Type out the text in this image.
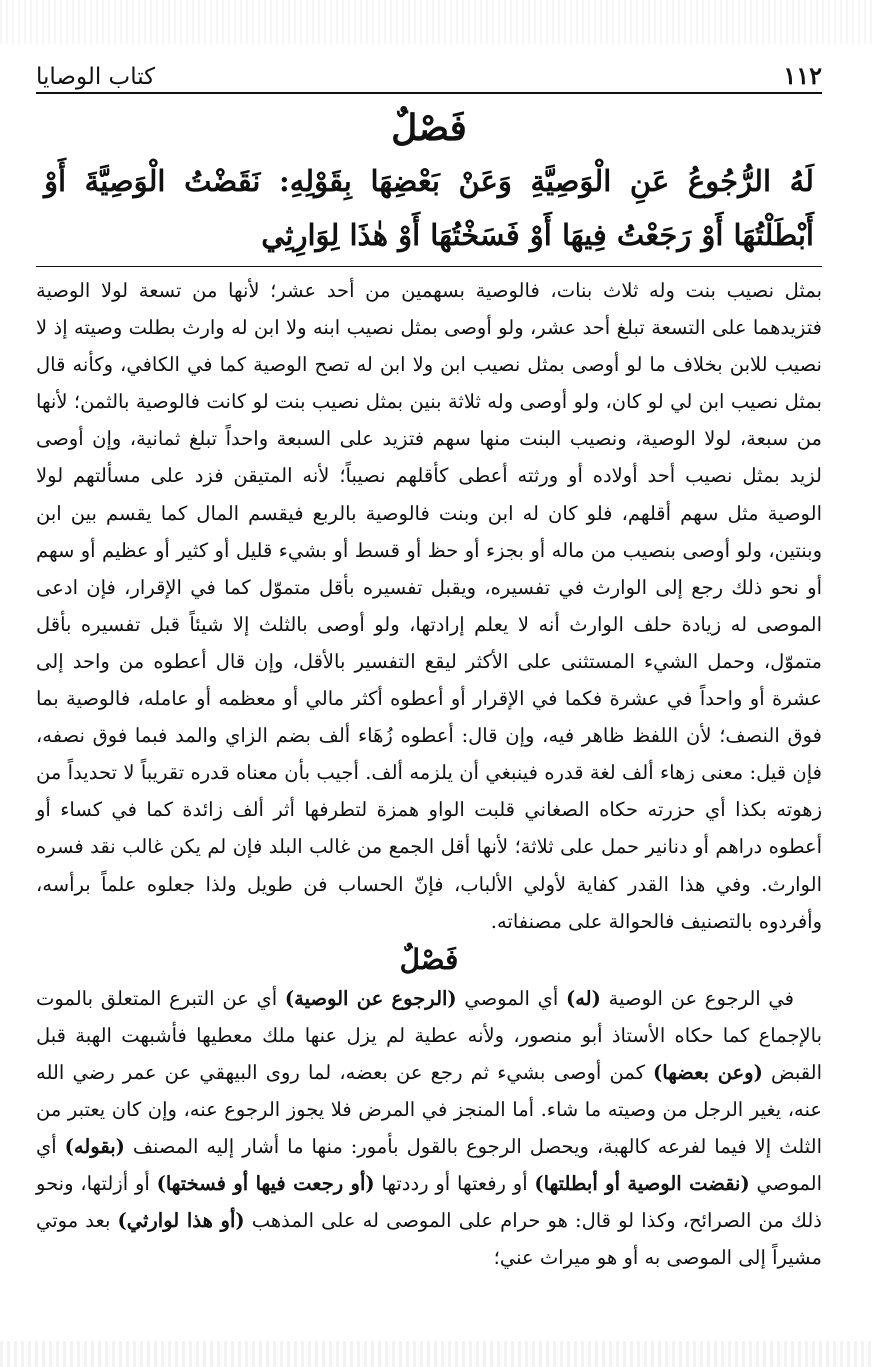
١١٢
كتاب الوصايا

فَصْلٌ

لَهُ الرُّجُوعُ عَنِ الْوَصِيَّةِ وَعَنْ بَعْضِهَا بِقَوْلِهِ: نَقَضْتُ الْوَصِيَّةَ أَوْ أَبْطَلْتُهَا أَوْ رَجَعْتُ فِيهَا أَوْ فَسَخْتُهَا أَوْ هٰذَا لِوَارِثِي

بمثل نصيب بنت وله ثلاث بنات، فالوصية بسهمين من أحد عشر؛ لأنها من تسعة لولا الوصية فتزيدهما على التسعة تبلغ أحد عشر، ولو أوصى بمثل نصيب ابنه ولا ابن له وارث بطلت وصيته إذ لا نصيب للابن بخلاف ما لو أوصى بمثل نصيب ابن ولا ابن له تصح الوصية كما في الكافي، وكأنه قال بمثل نصيب ابن لي لو كان، ولو أوصى وله ثلاثة بنين بمثل نصيب بنت لو كانت فالوصية بالثمن؛ لأنها من سبعة، لولا الوصية، ونصيب البنت منها سهم فتزيد على السبعة واحداً تبلغ ثمانية، وإن أوصى لزيد بمثل نصيب أحد أولاده أو ورثته أعطى كأقلهم نصيباً؛ لأنه المتيقن فزد على مسألتهم لولا الوصية مثل سهم أقلهم، فلو كان له ابن وبنت فالوصية بالربع فيقسم المال كما يقسم بين ابن وبنتين، ولو أوصى بنصيب من ماله أو بجزء أو حظ أو قسط أو بشيء قليل أو كثير أو عظيم أو سهم أو نحو ذلك رجع إلى الوارث في تفسيره، ويقبل تفسيره بأقل متموّل كما في الإقرار، فإن ادعى الموصى له زيادة حلف الوارث أنه لا يعلم إرادتها، ولو أوصى بالثلث إلا شيئاً قبل تفسيره بأقل متموّل، وحمل الشيء المستثنى على الأكثر ليقع التفسير بالأقل، وإن قال أعطوه من واحد إلى عشرة أو واحداً في عشرة فكما في الإقرار أو أعطوه أكثر مالي أو معظمه أو عامله، فالوصية بما فوق النصف؛ لأن اللفظ ظاهر فيه، وإن قال: أعطوه زُهَاء ألف بضم الزاي والمد فبما فوق نصفه، فإن قيل: معنى زهاء ألف لغة قدره فينبغي أن يلزمه ألف. أجيب بأن معناه قدره تقريباً لا تحديداً من زهوته بكذا أي حزرته حكاه الصغاني قلبت الواو همزة لتطرفها أثر ألف زائدة كما في كساء أو أعطوه دراهم أو دنانير حمل على ثلاثة؛ لأنها أقل الجمع من غالب البلد فإن لم يكن غالب نقد فسره الوارث. وفي هذا القدر كفاية لأولي الألباب، فإنّ الحساب فن طويل ولذا جعلوه علماً برأسه، وأفردوه بالتصنيف فالحوالة على مصنفاته.

فَصْلٌ

في الرجوع عن الوصية (له) أي الموصي (الرجوع عن الوصية) أي عن التبرع المتعلق بالموت بالإجماع كما حكاه الأستاذ أبو منصور، ولأنه عطية لم يزل عنها ملك معطيها فأشبهت الهبة قبل القبض (وعن بعضها) كمن أوصى بشيء ثم رجع عن بعضه، لما روى البيهقي عن عمر رضي الله عنه، يغير الرجل من وصيته ما شاء. أما المنجز في المرض فلا يجوز الرجوع عنه، وإن كان يعتبر من الثلث إلا فيما لفرعه كالهبة، ويحصل الرجوع بالقول بأمور: منها ما أشار إليه المصنف (بقوله) أي الموصي (نقضت الوصية أو أبطلتها) أو رفعتها أو رددتها (أو رجعت فيها أو فسختها) أو أزلتها، ونحو ذلك من الصرائح، وكذا لو قال: هو حرام على الموصى له على المذهب (أو هذا لوارثي) بعد موتي مشيراً إلى الموصى به أو هو ميراث عني؛
